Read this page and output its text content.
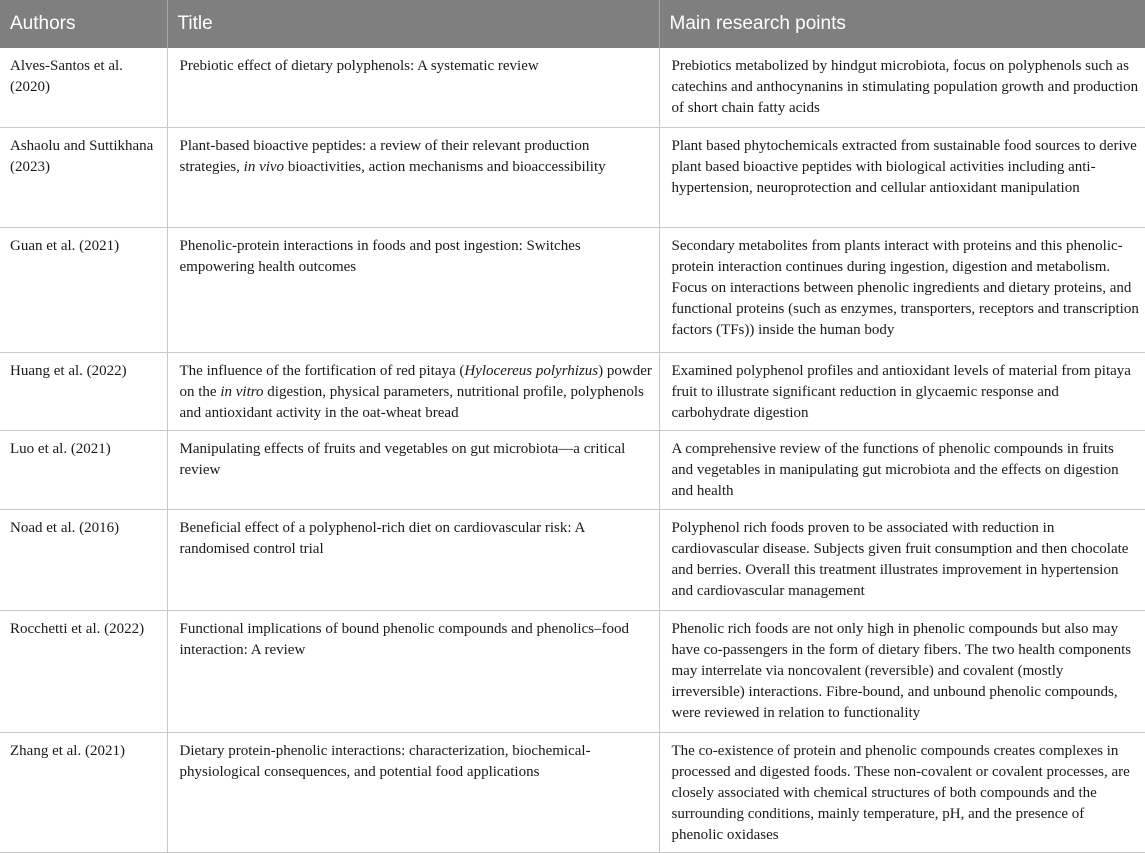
Authors	Title	Main research points
Alves-Santos et al. (2020)	Prebiotic effect of dietary polyphenols: A systematic review	Prebiotics metabolized by hindgut microbiota, focus on polyphenols such as catechins and anthocynanins in stimulating population growth and production of short chain fatty acids
Ashaolu and Suttikhana (2023)	Plant-based bioactive peptides: a review of their relevant production strategies, in vivo bioactivities, action mechanisms and bioaccessibility	Plant based phytochemicals extracted from sustainable food sources to derive plant based bioactive peptides with biological activities including anti-hypertension, neuroprotection and cellular antioxidant manipulation
Guan et al. (2021)	Phenolic-protein interactions in foods and post ingestion: Switches empowering health outcomes	Secondary metabolites from plants interact with proteins and this phenolic-protein interaction continues during ingestion, digestion and metabolism. Focus on interactions between phenolic ingredients and dietary proteins, and functional proteins (such as enzymes, transporters, receptors and transcription factors (TFs)) inside the human body
Huang et al. (2022)	The influence of the fortification of red pitaya (Hylocereus polyrhizus) powder on the in vitro digestion, physical parameters, nutritional profile, polyphenols and antioxidant activity in the oat-wheat bread	Examined polyphenol profiles and antioxidant levels of material from pitaya fruit to illustrate significant reduction in glycaemic response and carbohydrate digestion
Luo et al. (2021)	Manipulating effects of fruits and vegetables on gut microbiota—a critical review	A comprehensive review of the functions of phenolic compounds in fruits and vegetables in manipulating gut microbiota and the effects on digestion and health
Noad et al. (2016)	Beneficial effect of a polyphenol-rich diet on cardiovascular risk: A randomised control trial	Polyphenol rich foods proven to be associated with reduction in cardiovascular disease. Subjects given fruit consumption and then chocolate and berries. Overall this treatment illustrates improvement in hypertension and cardiovascular management
Rocchetti et al. (2022)	Functional implications of bound phenolic compounds and phenolics–food interaction: A review	Phenolic rich foods are not only high in phenolic compounds but also may have co-passengers in the form of dietary fibers. The two health components may interrelate via noncovalent (reversible) and covalent (mostly irreversible) interactions. Fibre-bound, and unbound phenolic compounds, were reviewed in relation to functionality
Zhang et al. (2021)	Dietary protein-phenolic interactions: characterization, biochemical-physiological consequences, and potential food applications	The co-existence of protein and phenolic compounds creates complexes in processed and digested foods. These non-covalent or covalent processes, are closely associated with chemical structures of both compounds and the surrounding conditions, mainly temperature, pH, and the presence of phenolic oxidases
